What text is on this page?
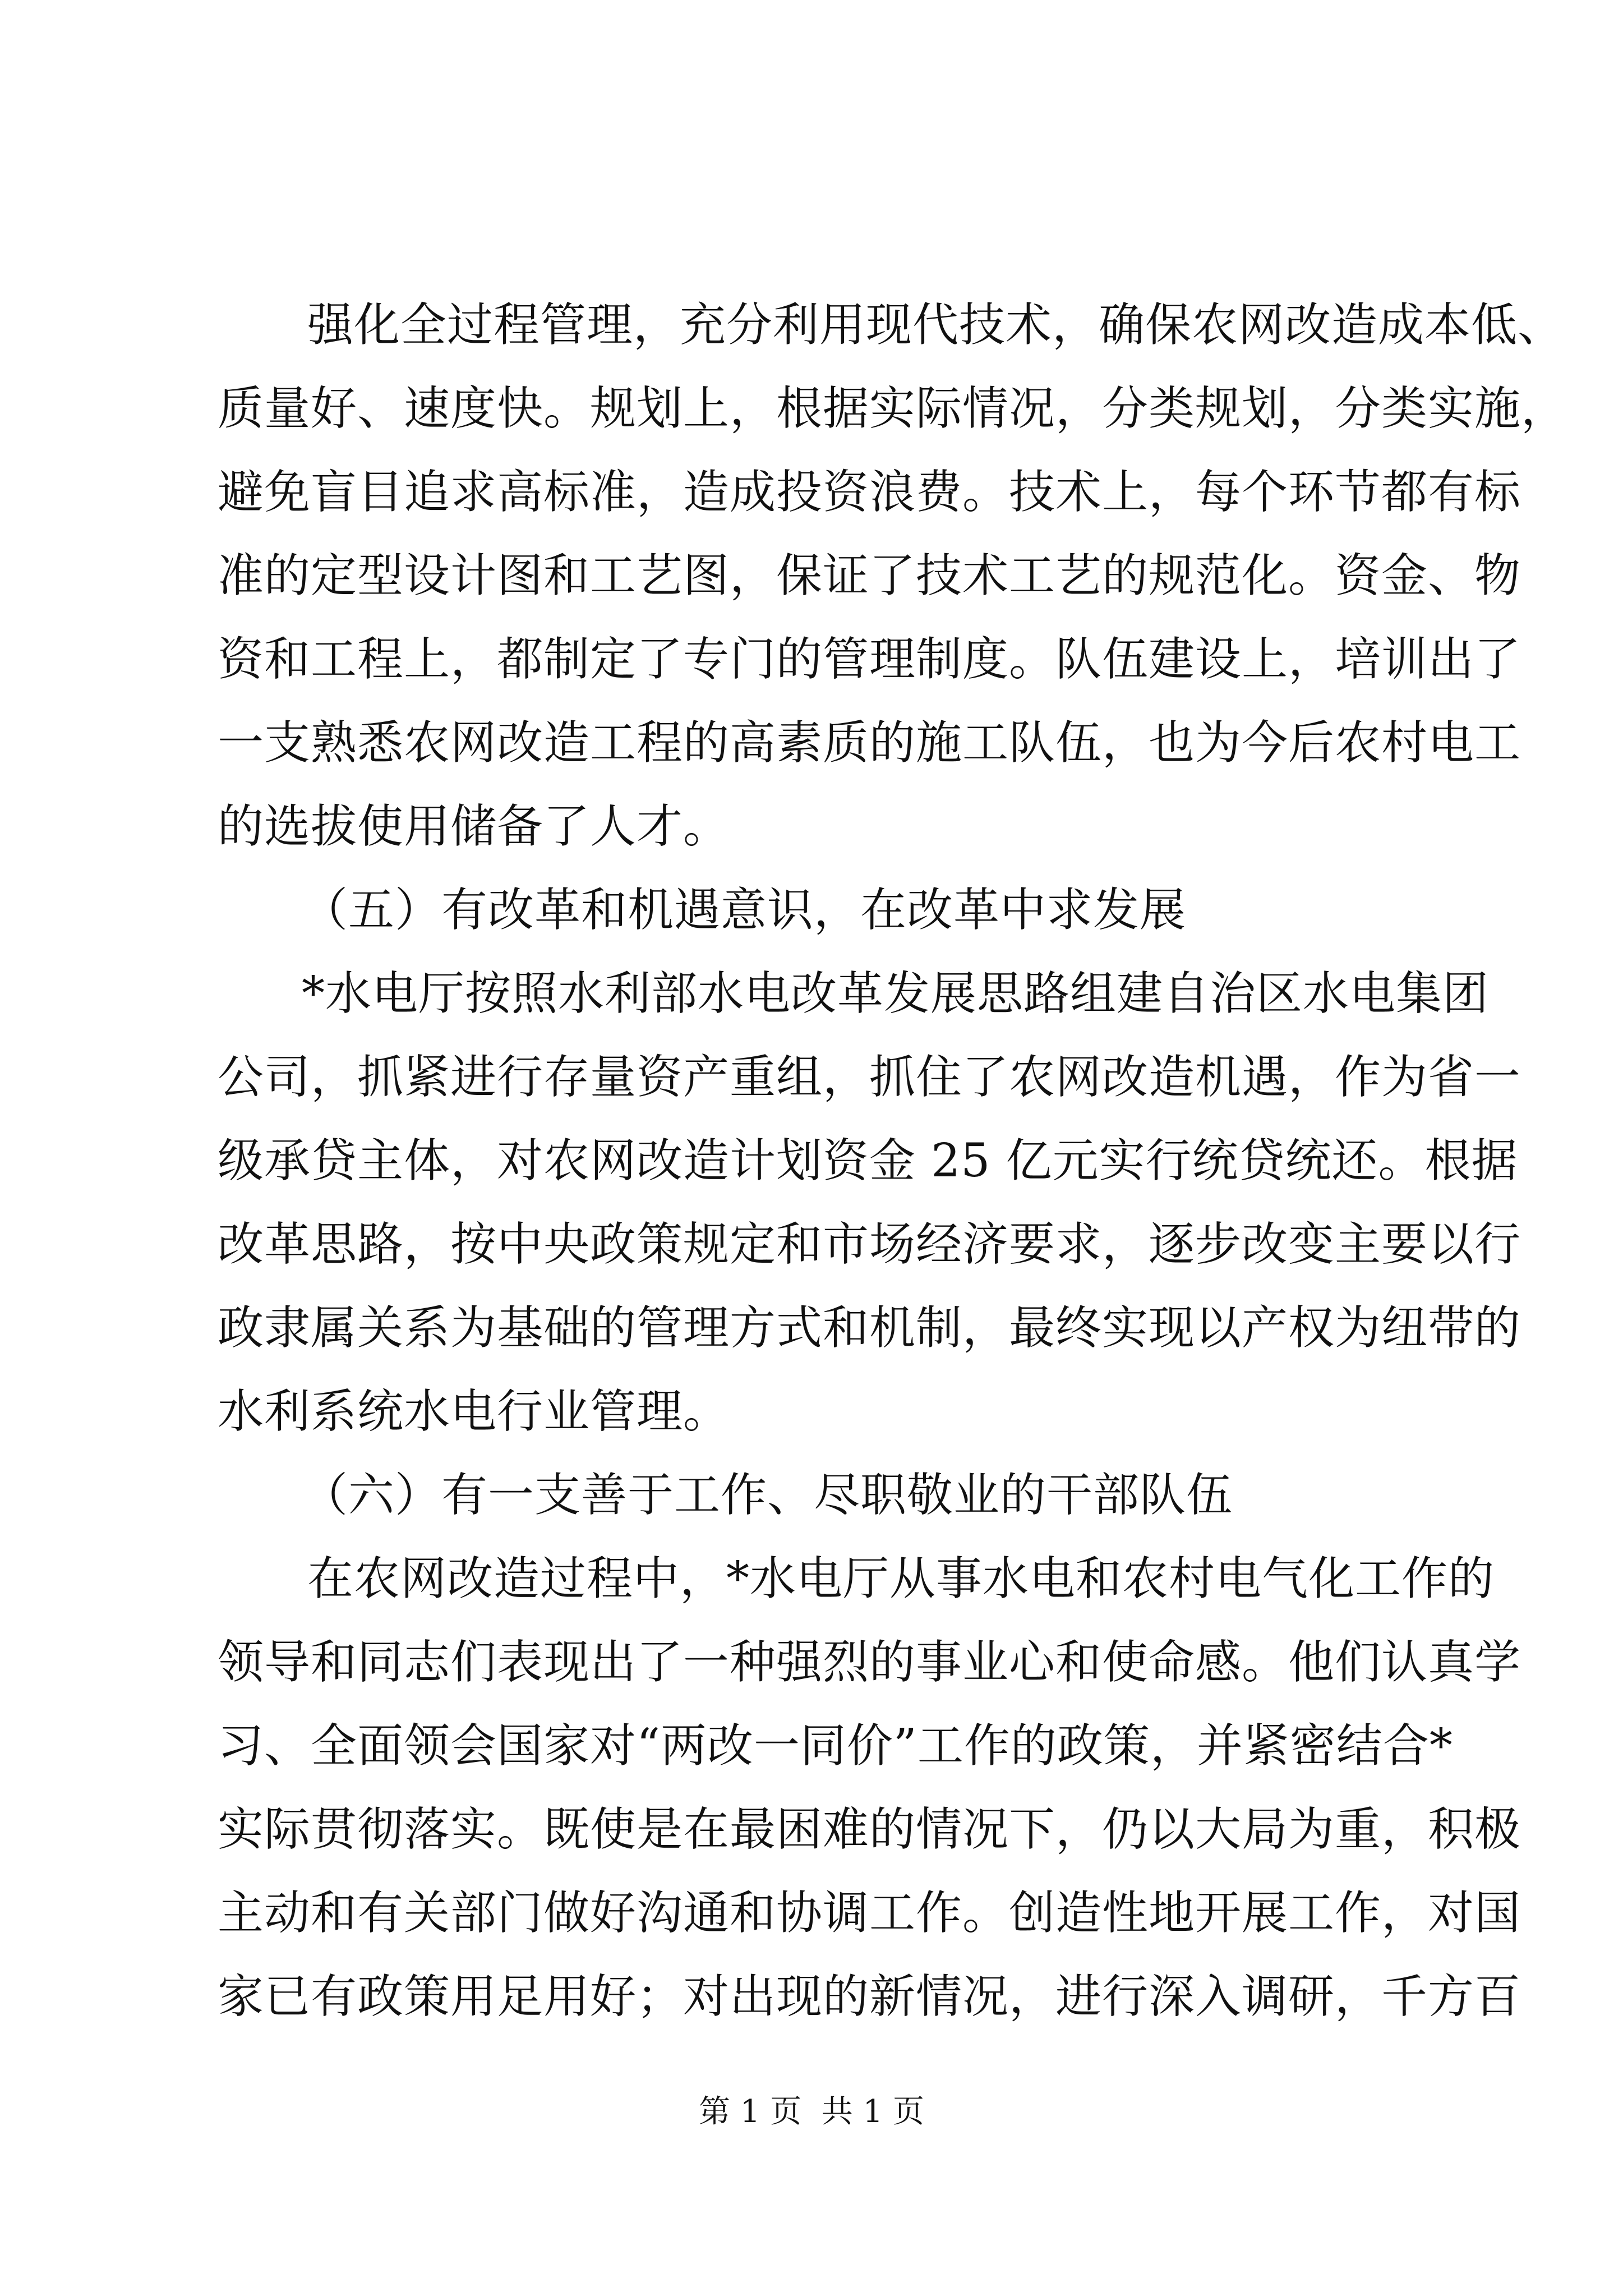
强化全过程管理，充分利用现代技术，确保农网改造成本低、
质量好、速度快。规划上，根据实际情况，分类规划，分类实施，
避免盲目追求高标准，造成投资浪费。技术上，每个环节都有标
准的定型设计图和工艺图，保证了技术工艺的规范化。资金、物
资和工程上，都制定了专门的管理制度。队伍建设上，培训出了
一支熟悉农网改造工程的高素质的施工队伍，也为今后农村电工
的选拔使用储备了人才。
（五）有改革和机遇意识，在改革中求发展
*水电厅按照水利部水电改革发展思路组建自治区水电集团
公司，抓紧进行存量资产重组，抓住了农网改造机遇，作为省一
级承贷主体，对农网改造计划资金 25 亿元实行统贷统还。根据
改革思路，按中央政策规定和市场经济要求，逐步改变主要以行
政隶属关系为基础的管理方式和机制，最终实现以产权为纽带的
水利系统水电行业管理。
（六）有一支善于工作、尽职敬业的干部队伍
在农网改造过程中，*水电厅从事水电和农村电气化工作的
领导和同志们表现出了一种强烈的事业心和使命感。他们认真学
习、全面领会国家对“两改一同价”工作的政策，并紧密结合*
实际贯彻落实。既使是在最困难的情况下，仍以大局为重，积极
主动和有关部门做好沟通和协调工作。创造性地开展工作，对国
家已有政策用足用好；对出现的新情况，进行深入调研，千方百
第 1 页  共 1 页
